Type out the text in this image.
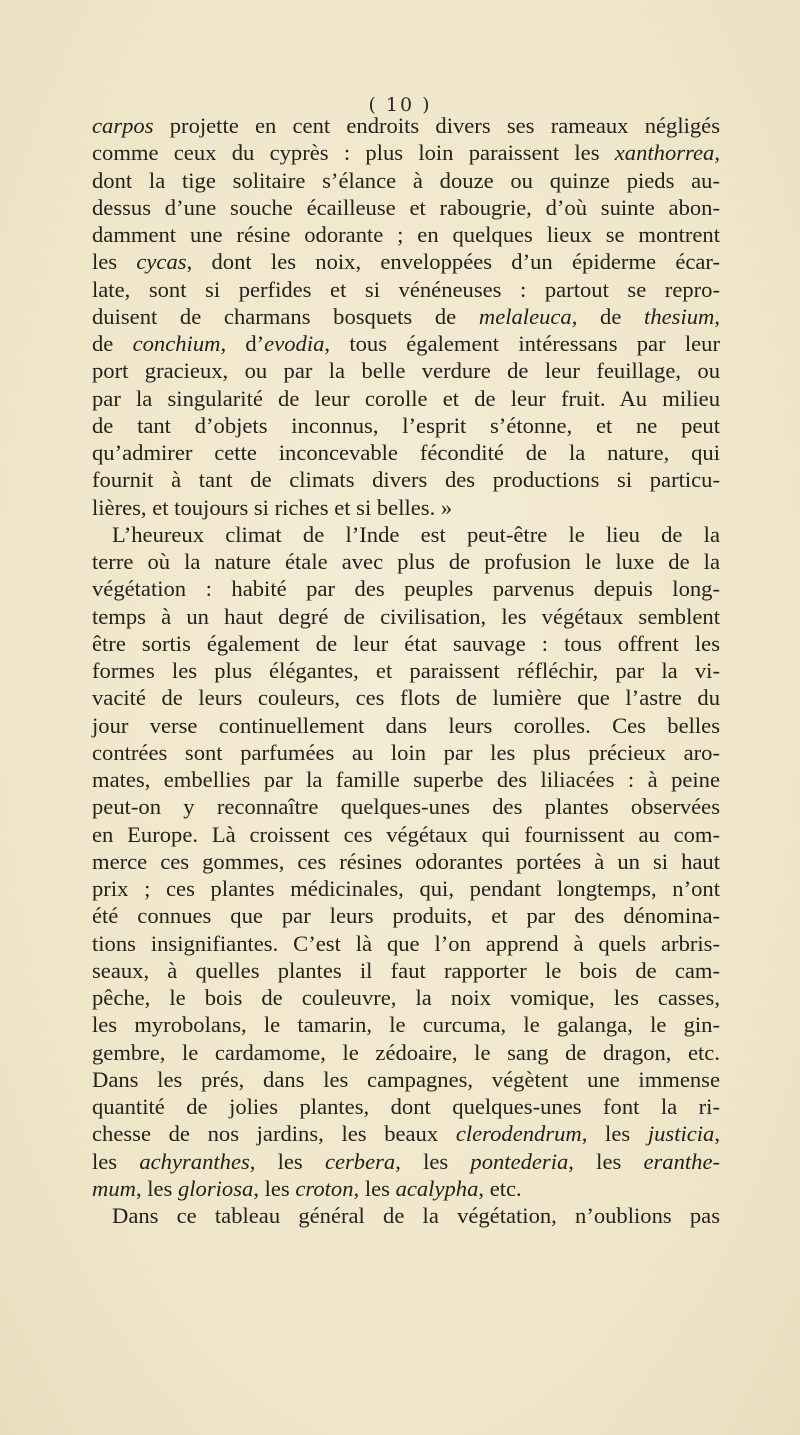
( 10 )
carpos projette en cent endroits divers ses rameaux négligés
comme ceux du cyprès : plus loin paraissent les xanthorrea,
dont la tige solitaire s’élance à douze ou quinze pieds au-
dessus d’une souche écailleuse et rabougrie, d’où suinte abon-
damment une résine odorante ; en quelques lieux se montrent
les cycas, dont les noix, enveloppées d’un épiderme écar-
late, sont si perfides et si vénéneuses : partout se repro-
duisent de charmans bosquets de melaleuca, de thesium,
de conchium, d’evodia, tous également intéressans par leur
port gracieux, ou par la belle verdure de leur feuillage, ou
par la singularité de leur corolle et de leur fruit. Au milieu
de tant d’objets inconnus, l’esprit s’étonne, et ne peut
qu’admirer cette inconcevable fécondité de la nature, qui
fournit à tant de climats divers des productions si particu-
lières, et toujours si riches et si belles. »
L’heureux climat de l’Inde est peut-être le lieu de la
terre où la nature étale avec plus de profusion le luxe de la
végétation : habité par des peuples parvenus depuis long-
temps à un haut degré de civilisation, les végétaux semblent
être sortis également de leur état sauvage : tous offrent les
formes les plus élégantes, et paraissent réfléchir, par la vi-
vacité de leurs couleurs, ces flots de lumière que l’astre du
jour verse continuellement dans leurs corolles. Ces belles
contrées sont parfumées au loin par les plus précieux aro-
mates, embellies par la famille superbe des liliacées : à peine
peut-on y reconnaître quelques-unes des plantes observées
en Europe. Là croissent ces végétaux qui fournissent au com-
merce ces gommes, ces résines odorantes portées à un si haut
prix ; ces plantes médicinales, qui, pendant longtemps, n’ont
été connues que par leurs produits, et par des dénomina-
tions insignifiantes. C’est là que l’on apprend à quels arbris-
seaux, à quelles plantes il faut rapporter le bois de cam-
pêche, le bois de couleuvre, la noix vomique, les casses,
les myrobolans, le tamarin, le curcuma, le galanga, le gin-
gembre, le cardamome, le zédoaire, le sang de dragon, etc.
Dans les prés, dans les campagnes, végètent une immense
quantité de jolies plantes, dont quelques-unes font la ri-
chesse de nos jardins, les beaux clerodendrum, les justicia,
les achyranthes, les cerbera, les pontederia, les eranthe-
mum, les gloriosa, les croton, les acalypha, etc.
Dans ce tableau général de la végétation, n’oublions pas
